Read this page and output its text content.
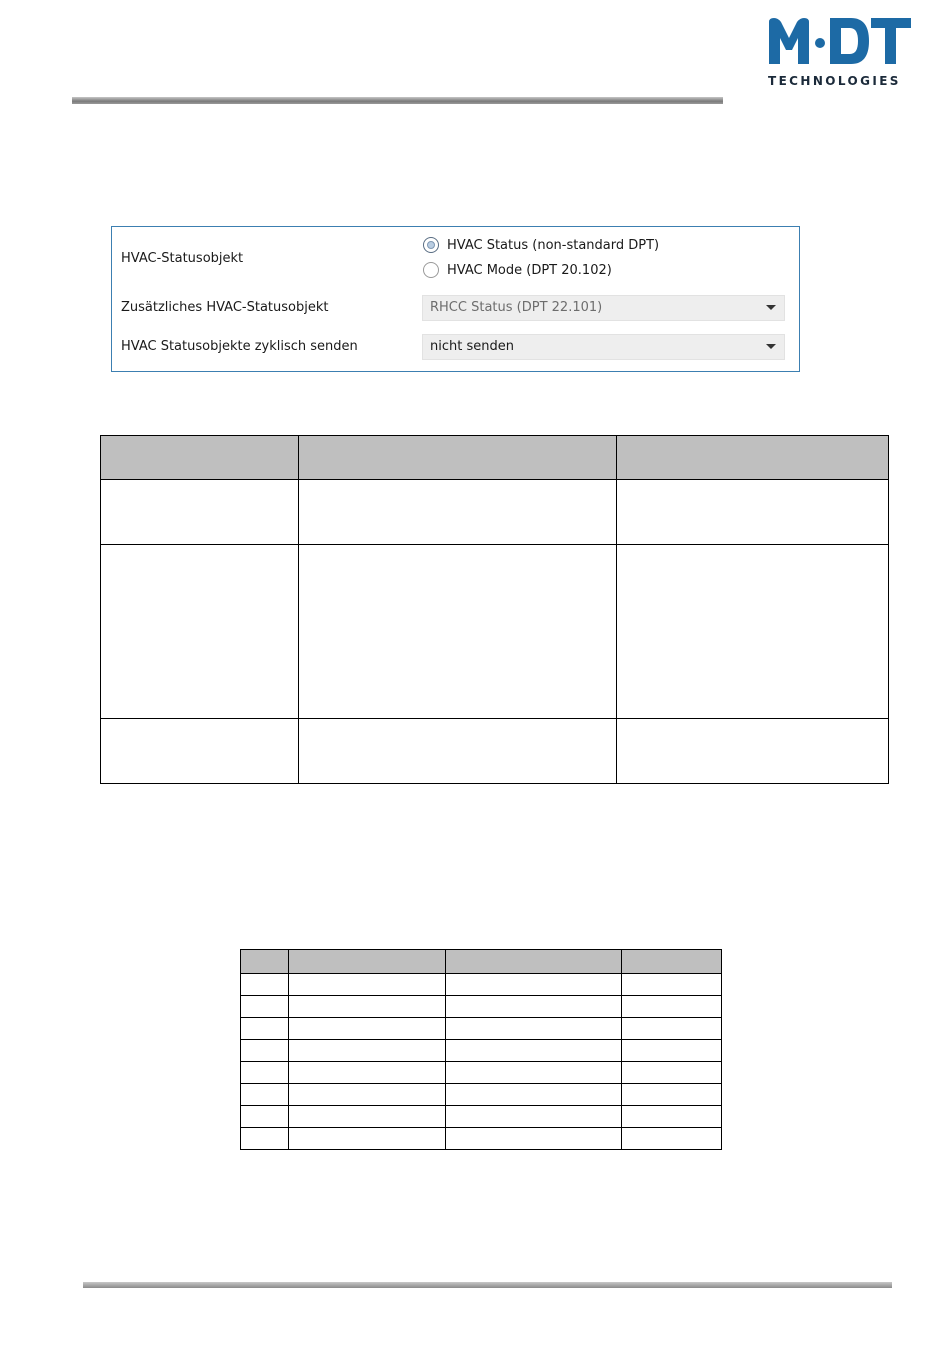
TECHNOLOGIES
HVAC-Statusobjekt
HVAC Status (non-standard DPT)
HVAC Mode (DPT 20.102)
Zusätzliches HVAC-Statusobjekt	RHCC Status (DPT 22.101)
HVAC Statusobjekte zyklisch senden	nicht senden
